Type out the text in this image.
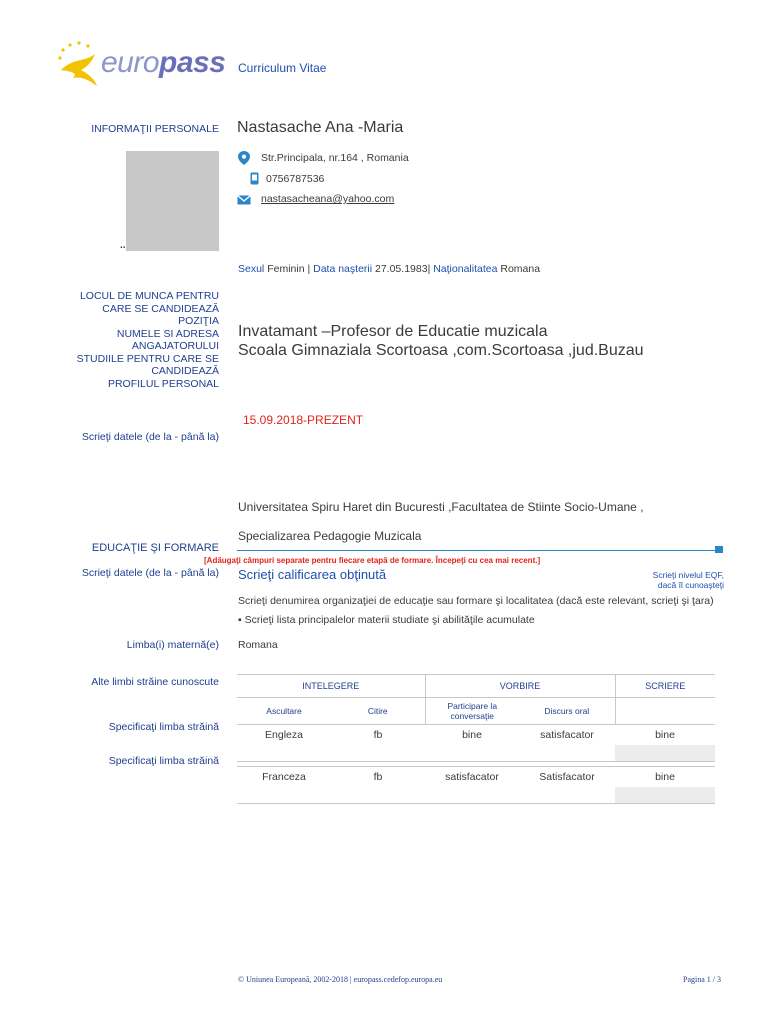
europass Curriculum Vitae
INFORMAŢII PERSONALE Nastasache Ana -Maria
..
Str.Principala, nr.164 , Romania
0756787536
nastasacheana@yahoo.com
Sexul Feminin | Data naşterii 27.05.1983| Naţionalitatea Romana
LOCUL DE MUNCA PENTRU
CARE SE CANDIDEAZĂ
POZIŢIA
NUMELE SI ADRESA
ANGAJATORULUI
STUDIILE PENTRU CARE SE
CANDIDEAZĂ
PROFILUL PERSONAL
Invatamant –Profesor de Educatie muzicala
Scoala Gimnaziala Scortoasa ,com.Scortoasa ,jud.Buzau
15.09.2018-PREZENT
Scrieţi datele (de la - până la)
Universitatea Spiru Haret din Bucuresti ,Facultatea de Stiinte Socio-Umane ,
Specializarea Pedagogie Muzicala
EDUCAŢIE ŞI FORMARE
[Adăugaţi câmpuri separate pentru fiecare etapă de formare. Începeţi cu cea mai recent.]
Scrieţi datele (de la - până la) Scrieţi calificarea obţinută	Scrieţi nivelul EQF,
dacă îl cunoaşteţi
Scrieţi denumirea organizaţiei de educaţie sau formare şi localitatea (dacă este relevant, scrieţi şi ţara)
▪ Scrieţi lista principalelor materii studiate şi abilităţile acumulate
Limba(i) maternă(e) Romana
Alte limbi străine cunoscute	INTELEGERE		VORBIRE		SCRIERE
Ascultare	Citire	Participare la
conversaţie	Discurs oral	
Engleza	fb	bine	satisfacator	bine

Franceza	fb	satisfacator	Satisfacator	bine

Specificaţi limba străină
Specificaţi limba străină
© Uniunea Europeană, 2002-2018 | europass.cedefop.europa.eu	Pagina 1 / 3
